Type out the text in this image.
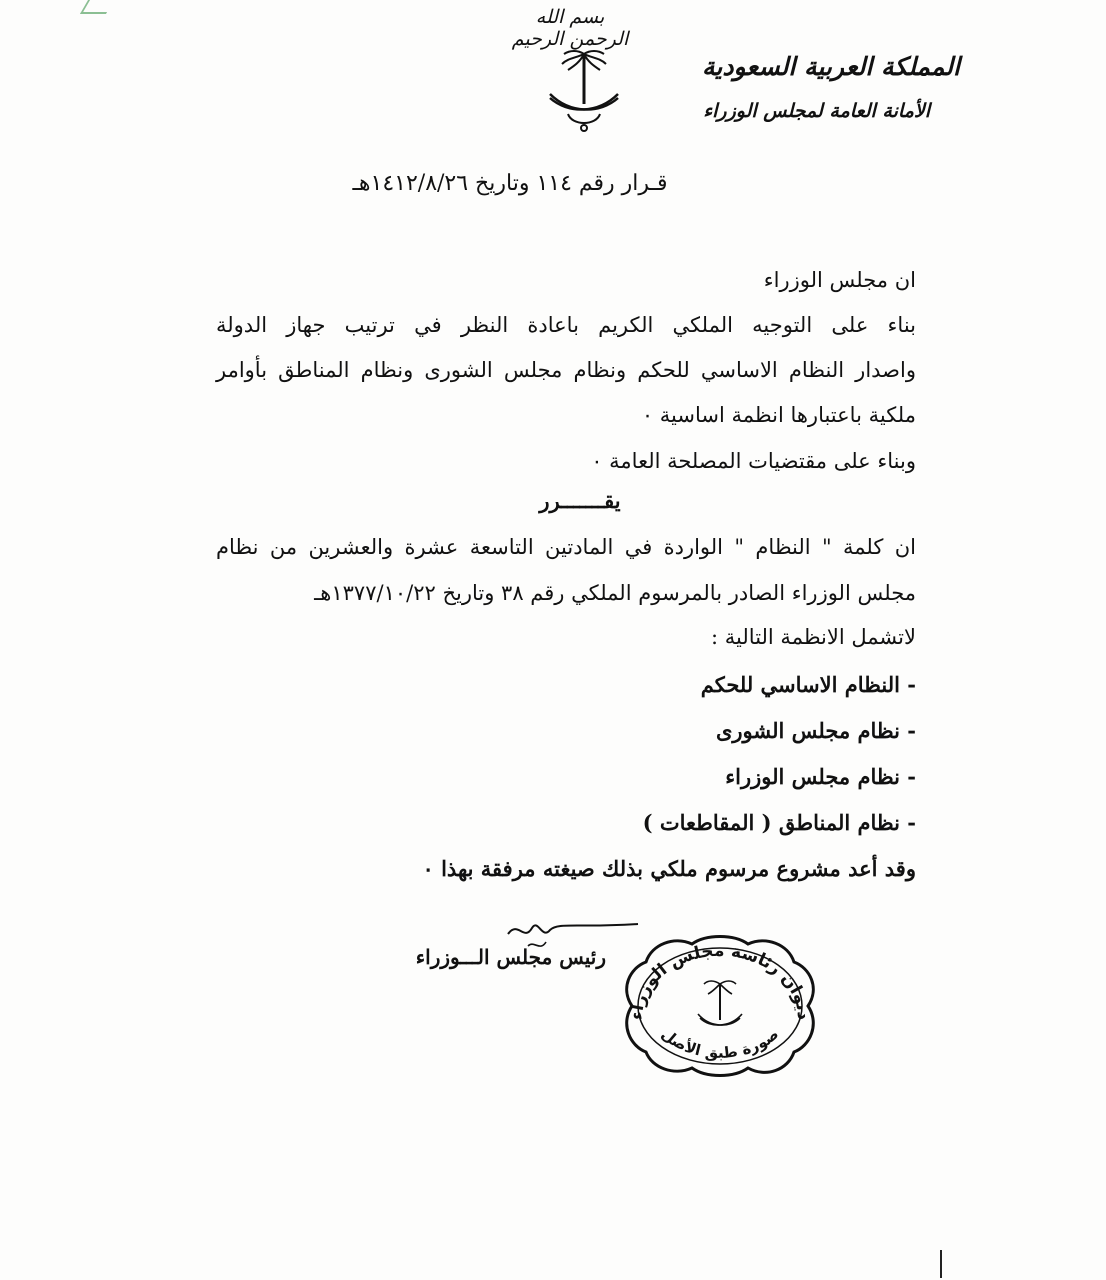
بسم الله الرحمن الرحيم
المملكة العربية السعودية
الأمانة العامة لمجلس الوزراء
قـرار رقم ١١٤ وتاريخ ١٤١٢/٨/٢٦هـ
ان مجلس الوزراء
بناء على التوجيه الملكي الكريم باعادة النظر في ترتيب جهاز الدولة
واصدار النظام الاساسي للحكم ونظام مجلس الشورى ونظام المناطق بأوامر
ملكية باعتبارها انظمة اساسية ٠
وبناء على مقتضيات المصلحة العامة ٠
يقـــــــرر
ان كلمة " النظام " الواردة في المادتين التاسعة عشرة والعشرين من نظام
مجلس الوزراء الصادر بالمرسوم الملكي رقم ٣٨ وتاريخ ١٣٧٧/١٠/٢٢هـ
لاتشمل الانظمة التالية :
- النظام الاساسي للحكم
- نظام مجلس الشورى
- نظام مجلس الوزراء
- نظام المناطق ( المقاطعات )
وقد أعد مشروع مرسوم ملكي بذلك صيغته مرفقة بهذا ٠
رئيس مجلس الـــوزراء
ديوان رئاسة مجلس الوزراء
صورة طبق الأصل
